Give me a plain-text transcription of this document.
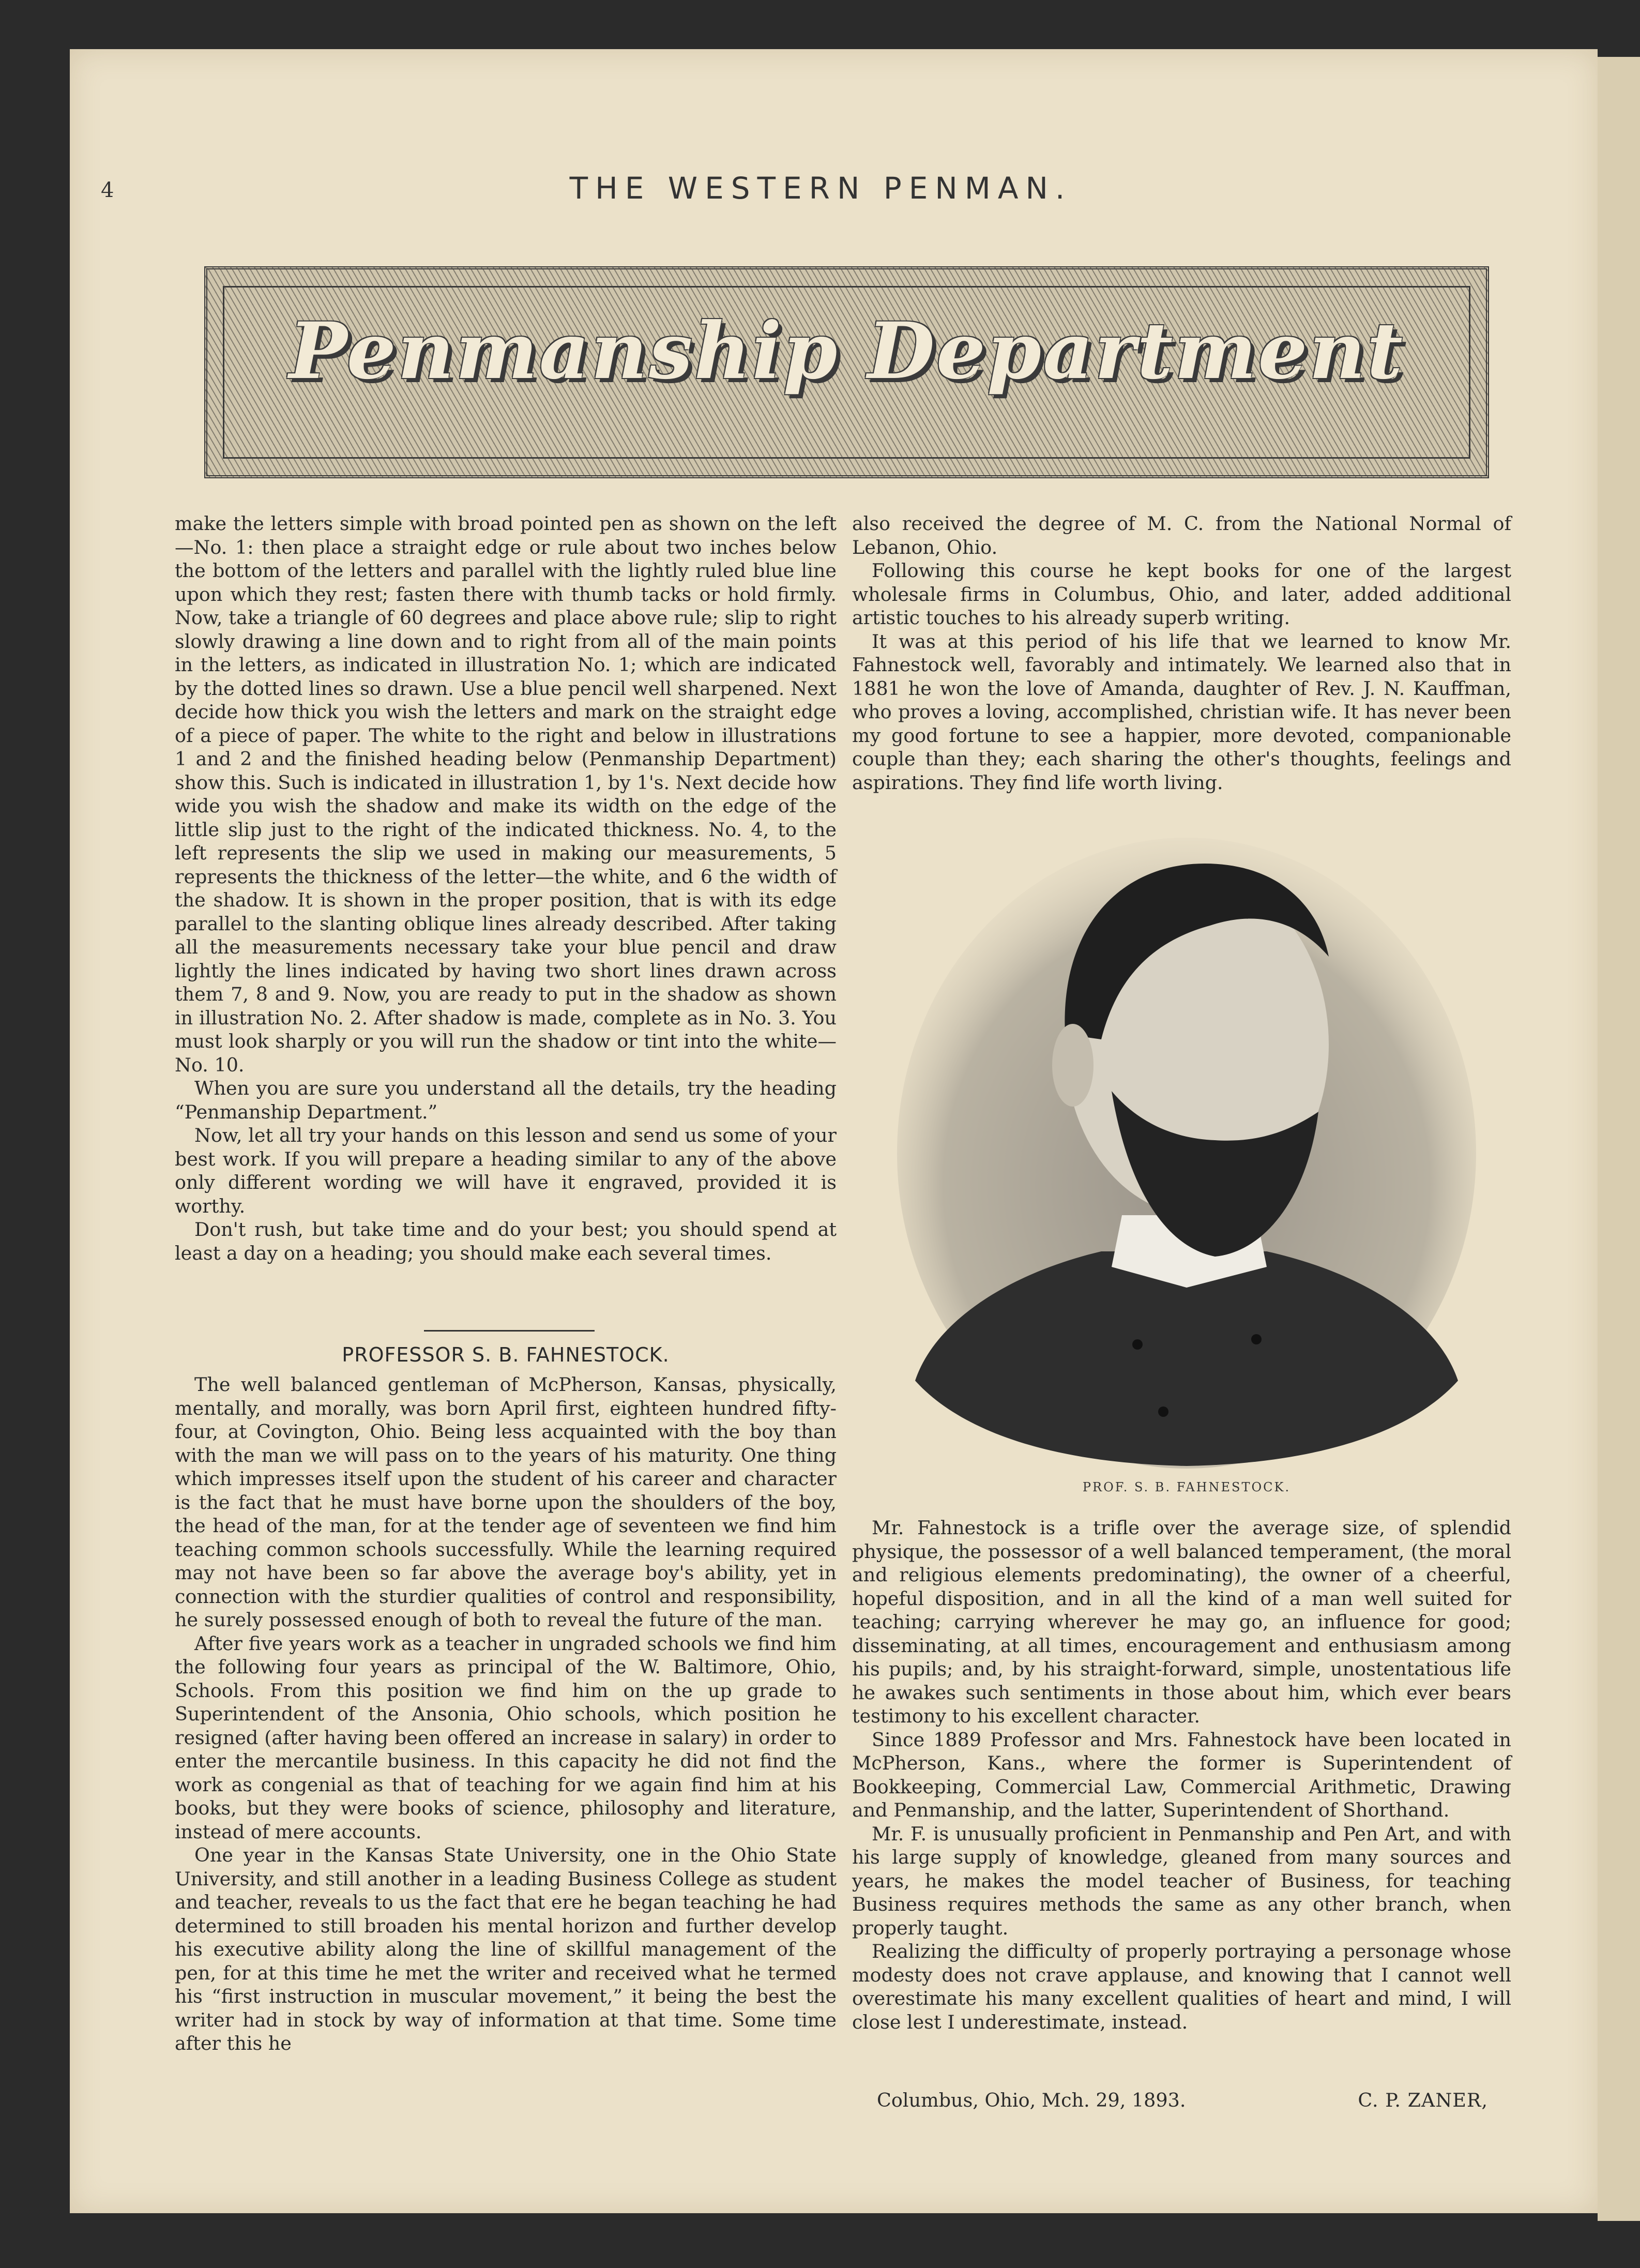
4	THE WESTERN PENMAN.
Penmanship Department

make the letters simple with broad pointed pen as shown on the left—No. 1: then place a straight edge or rule about two inches below the bottom of the letters and parallel with the lightly ruled blue line upon which they rest; fasten there with thumb tacks or hold firmly. Now, take a triangle of 60 degrees and place above rule; slip to right slowly drawing a line down and to right from all of the main points in the letters, as indicated in illustration No. 1; which are indicated by the dotted lines so drawn. Use a blue pencil well sharpened. Next decide how thick you wish the letters and mark on the straight edge of a piece of paper. The white to the right and below in illustrations 1 and 2 and the finished heading below (Penmanship Department) show this. Such is indicated in illustration 1, by 1's. Next decide how wide you wish the shadow and make its width on the edge of the little slip just to the right of the indicated thickness. No. 4, to the left represents the slip we used in making our measurements, 5 represents the thickness of the letter—the white, and 6 the width of the shadow. It is shown in the proper position, that is with its edge parallel to the slanting oblique lines already described. After taking all the measurements necessary take your blue pencil and draw lightly the lines indicated by having two short lines drawn across them 7, 8 and 9. Now, you are ready to put in the shadow as shown in illustration No. 2. After shadow is made, complete as in No. 3. You must look sharply or you will run the shadow or tint into the white—No. 10.

When you are sure you understand all the details, try the heading “Penmanship Department.”

Now, let all try your hands on this lesson and send us some of your best work. If you will prepare a heading similar to any of the above only different wording we will have it engraved, provided it is worthy.

Don't rush, but take time and do your best; you should spend at least a day on a heading; you should make each several times.

PROFESSOR S. B. FAHNESTOCK.

The well balanced gentleman of McPherson, Kansas, physically, mentally, and morally, was born April first, eighteen hundred fifty-four, at Covington, Ohio. Being less acquainted with the boy than with the man we will pass on to the years of his maturity. One thing which impresses itself upon the student of his career and character is the fact that he must have borne upon the shoulders of the boy, the head of the man, for at the tender age of seventeen we find him teaching common schools successfully. While the learning required may not have been so far above the average boy's ability, yet in connection with the sturdier qualities of control and responsibility, he surely possessed enough of both to reveal the future of the man.

After five years work as a teacher in ungraded schools we find him the following four years as principal of the W. Baltimore, Ohio, Schools. From this position we find him on the up grade to Superintendent of the Ansonia, Ohio schools, which position he resigned (after having been offered an increase in salary) in order to enter the mercantile business. In this capacity he did not find the work as congenial as that of teaching for we again find him at his books, but they were books of science, philosophy and literature, instead of mere accounts.

One year in the Kansas State University, one in the Ohio State University, and still another in a leading Business College as student and teacher, reveals to us the fact that ere he began teaching he had determined to still broaden his mental horizon and further develop his executive ability along the line of skillful management of the pen, for at this time he met the writer and received what he termed his “first instruction in muscular movement,” it being the best the writer had in stock by way of information at that time. Some time after this he

also received the degree of M. C. from the National Normal of Lebanon, Ohio.

Following this course he kept books for one of the largest wholesale firms in Columbus, Ohio, and later, added additional artistic touches to his already superb writing.

It was at this period of his life that we learned to know Mr. Fahnestock well, favorably and intimately. We learned also that in 1881 he won the love of Amanda, daughter of Rev. J. N. Kauffman, who proves a loving, accomplished, christian wife. It has never been my good fortune to see a happier, more devoted, companionable couple than they; each sharing the other's thoughts, feelings and aspirations. They find life worth living.

PROF. S. B. FAHNESTOCK.

Mr. Fahnestock is a trifle over the average size, of splendid physique, the possessor of a well balanced temperament, (the moral and religious elements predominating), the owner of a cheerful, hopeful disposition, and in all the kind of a man well suited for teaching; carrying wherever he may go, an influence for good; disseminating, at all times, encouragement and enthusiasm among his pupils; and, by his straight-forward, simple, unostentatious life he awakes such sentiments in those about him, which ever bears testimony to his excellent character.

Since 1889 Professor and Mrs. Fahnestock have been located in McPherson, Kans., where the former is Superintendent of Bookkeeping, Commercial Law, Commercial Arithmetic, Drawing and Penmanship, and the latter, Superintendent of Shorthand.

Mr. F. is unusually proficient in Penmanship and Pen Art, and with his large supply of knowledge, gleaned from many sources and years, he makes the model teacher of Business, for teaching Business requires methods the same as any other branch, when properly taught.

Realizing the difficulty of properly portraying a personage whose modesty does not crave applause, and knowing that I cannot well overestimate his many excellent qualities of heart and mind, I will close lest I underestimate, instead.

Columbus, Ohio, Mch. 29, 1893.	C. P. ZANER,
